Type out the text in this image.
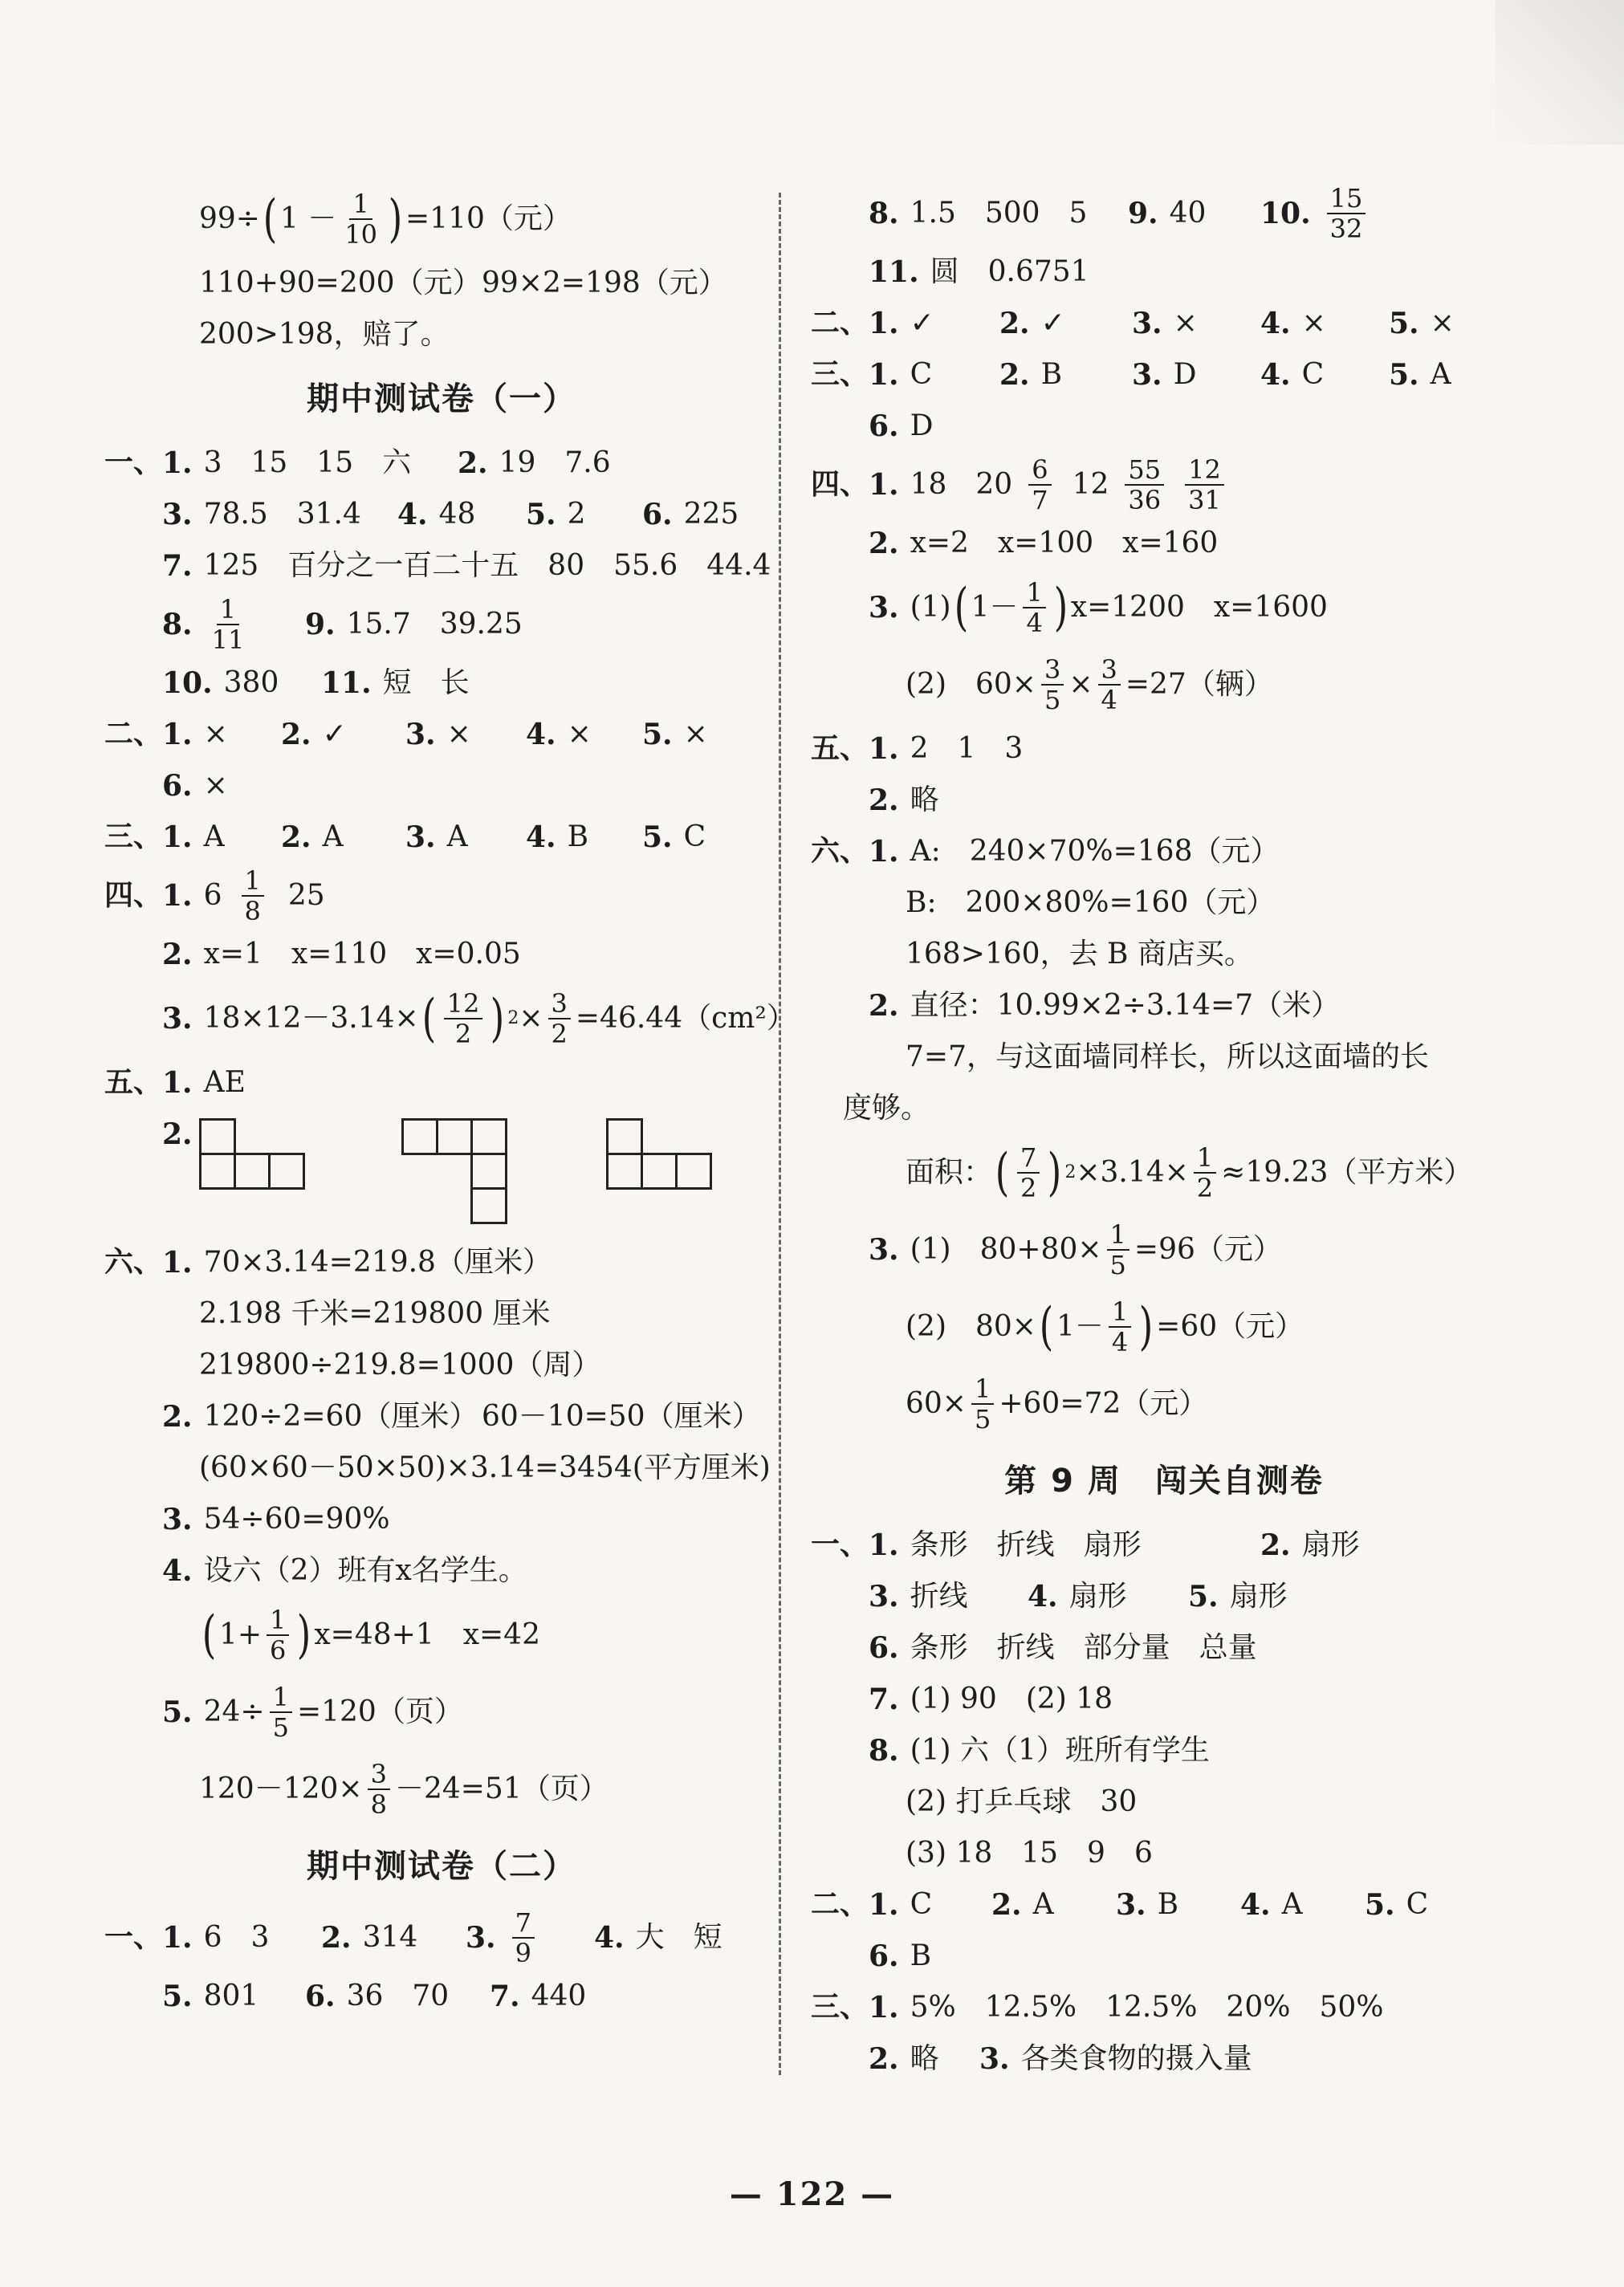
99÷ ( $1 - \frac{1}{10}$ ) =110（元）
110+90=200（元） 99×2=198（元）
200>198，赔了。
期中测试卷（一）
一、 1. 3　15　15　六 2. 19　7.6
3. 78.5　31.4 4. 48 5. 2 6. 225
7. 125　百分之一百二十五　80　55.6　44.4
8. $\frac{1}{11} 9$. 15.7　39.25
10. 380 11. 短　长
二、 1. × 2. ✓ 3. × 4. × 5. ×
6. ×
三、 1. A 2. A 3. A 4. B 5. C
四、 1. $6 \frac{1}{8} 25$
2. x=1　x=110　x=0.05
3. 18×12－3.14× ( $\frac{12}{2}$ ) $2 \times \frac{3}{2} =46.44(cm^2)$
五、 1. AE
2.
六、 1. 70×3.14=219.8（厘米）
2.198 千米=219800 厘米
219800÷219.8=1000（周）
2. 120÷2=60（厘米） 60－10=50（厘米）
(60×60－50×50)×3.14=3454(平方厘米)
3. 54÷60=90%
4. 设六（2）班有x名学生。
( $1+ \frac{1}{6}$ ) x=48+1　x=42
5. $24\div \frac{1}{5} =120$（页）
$120-120\times \frac{3}{8} -24=51$（页）
期中测试卷（二）
一、 1. 6　3 2. 314 3. $\frac{7}{9} 4$. 大　短
5. 801 6. 36　70 7. 440
8. 1.5　500　5 9. 40 10. $\frac{15}{32}$
11. 圆　0.6751
二、 1. ✓ 2. ✓ 3. × 4. × 5. ×
三、 1. C 2. B 3. D 4. C 5. A
6. D
四、 1. 18　$20 \frac{6}{7} 12 \frac{55}{36} \frac{12}{31}$
2. x=2　x=100　x=160
3. (1) ( $1- \frac{1}{4}$ ) x=1200　x=1600
(2)　$60\times \frac{3}{5} \times \frac{3}{4} =27$（辆）
五、 1. 2　1　3
2. 略
六、 1. A:　240×70%=168（元）
B:　200×80%=160（元）
168>160，去 B 商店买。
2. 直径：10.99×2÷3.14=7（米）
7=7，与这面墙同样长，所以这面墙的长
度够。
面积： ( $\frac{7}{2}$ ) $2 \times 3.14\times \frac{1}{2} \approx 19.23$（平方米）
3. (1)　$80+80\times \frac{1}{5} =96$（元）
(2)　80× ( $1- \frac{1}{4}$ ) =60（元）
$60\times \frac{1}{5} +60=72$（元）
第 9 周　闯关自测卷
一、 1. 条形　折线　扇形	2. 扇形
3. 折线 4. 扇形 5. 扇形
6. 条形　折线　部分量　总量
7. (1) 90　(2) 18
8. (1) 六（1）班所有学生
(2) 打乒乓球　30
(3) 18　15　9　6
二、 1. C 2. A 3. B 4. A 5. C
6. B
三、 1. 5%　12.5%　12.5%　20%　50%
2. 略 3. 各类食物的摄入量
— 122 —
